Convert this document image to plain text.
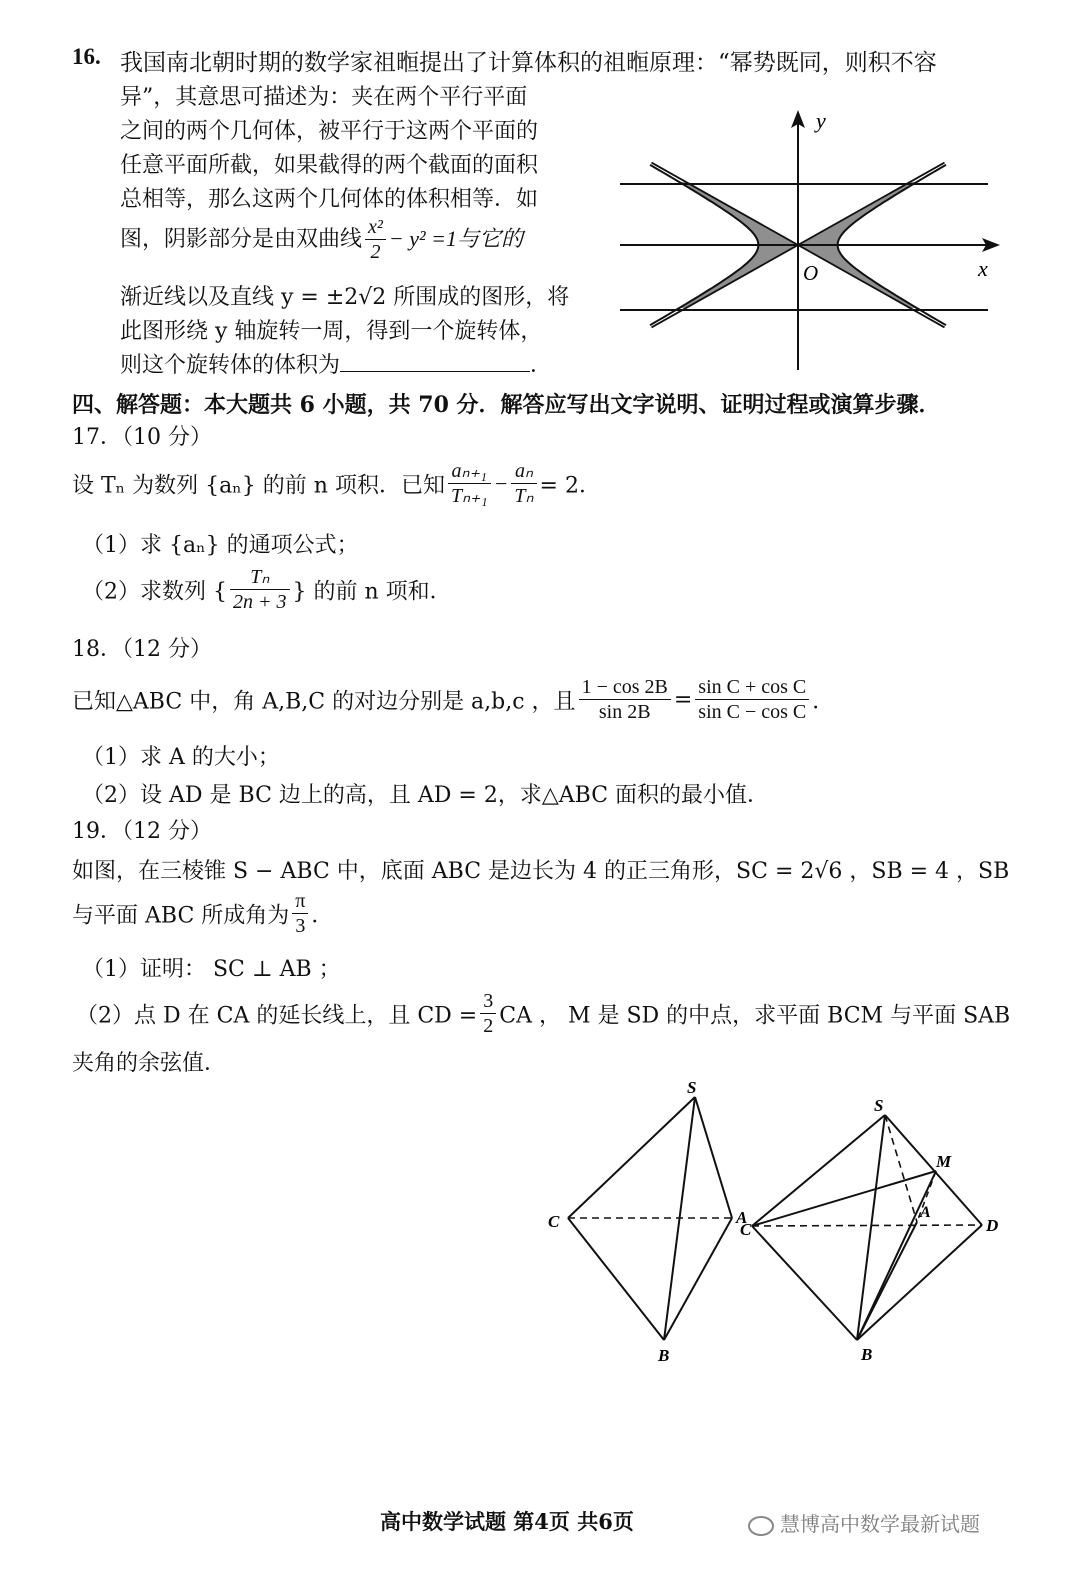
16. 我国南北朝时期的数学家祖暅提出了计算体积的祖暅原理：“幂势既同，则积不容
异”，其意思可描述为：夹在两个平行平面
之间的两个几何体，被平行于这两个平面的
任意平面所截，如果截得的两个截面的面积
总相等，那么这两个几何体的体积相等．如
图，阴影部分是由双曲线 $\frac{\text{x²}}{2} - y^2 =1$与它的
渐近线以及直线 y = ±2√2 所围成的图形，将
此图形绕 y 轴旋转一周，得到一个旋转体，
则这个旋转体的体积为	．
y
x
O
四、解答题：本大题共 6 小题，共 70 分．解答应写出文字说明、证明过程或演算步骤．
17．（10 分）
设 Tₙ 为数列 {aₙ} 的前 n 项积．已知 $\frac{\text{aₙ₊₁}}{\text{Tₙ₊₁}} - \frac{\text{aₙ}}{\text{Tₙ}} = 2$．
（1）求 {aₙ} 的通项公式；
（2）求数列 { $\frac{\text{Tₙ}}{2n + 3}$ } 的前 n 项和．
18．（12 分）
已知△ABC 中，角 A,B,C 的对边分别是 a,b,c ，且 $\frac{1 - \cos 2B}{\sin 2B} = \frac{\text{sin C + cos C}}{\text{sin C − cos C}}$ ．
（1）求 A 的大小；
（2）设 AD 是 BC 边上的高，且 AD = 2，求△ABC 面积的最小值．
19．（12 分）
如图，在三棱锥 S − ABC 中，底面 ABC 是边长为 4 的正三角形，SC = 2√6 ，SB = 4 ，SB
与平面 ABC 所成角为 $\frac{\pi}{3}$ ．
（1）证明： SC ⊥ AB ；
（2）点 D 在 CA 的延长线上，且 CD = $\frac{3}{2}$ CA ， M 是 SD 的中点，求平面 BCM 与平面 SAB
夹角的余弦值．
S
C	A
B
S
M
A
C	D
B
高中数学试题 第4页 共6页	慧博高中数学最新试题
